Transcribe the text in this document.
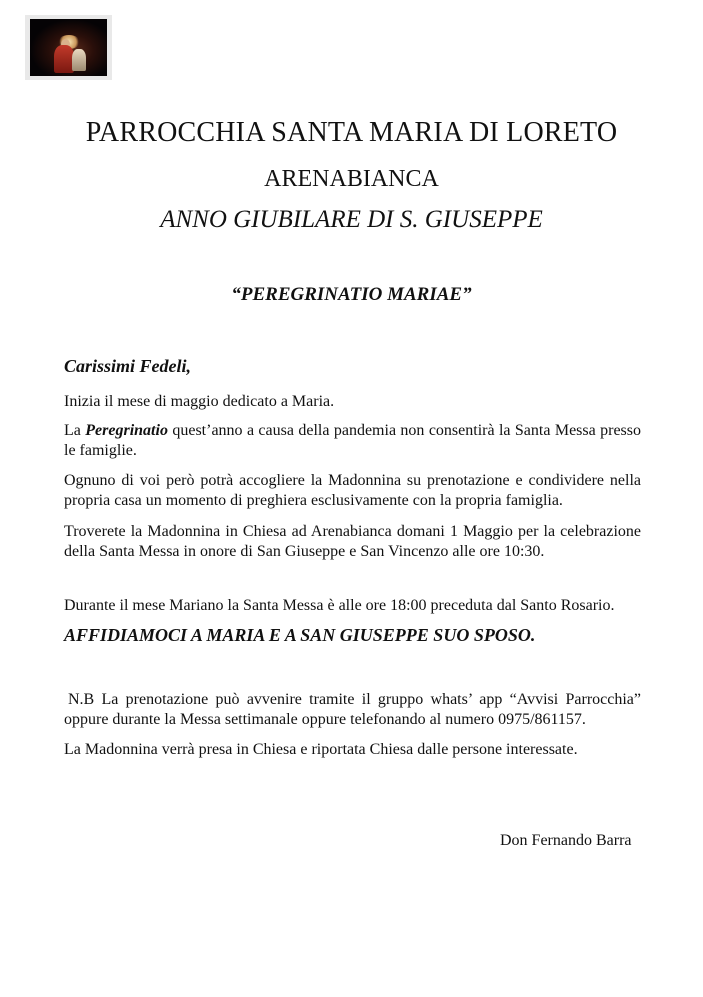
PARROCCHIA SANTA MARIA DI LORETO
ARENABIANCA
ANNO GIUBILARE DI S. GIUSEPPE
“PEREGRINATIO MARIAE”
Carissimi Fedeli,
Inizia il mese di maggio dedicato a Maria.
La Peregrinatio quest’anno a causa della pandemia non consentirà la Santa Messa presso le famiglie.
Ognuno di voi però potrà accogliere la Madonnina su prenotazione e condividere nella propria casa un momento di preghiera esclusivamente con la propria famiglia.
Troverete la Madonnina in Chiesa ad Arenabianca domani 1 Maggio per la celebrazione della Santa Messa in onore di San Giuseppe e San Vincenzo alle ore 10:30.
Durante il mese Mariano la Santa Messa è alle ore 18:00 preceduta dal Santo Rosario.
AFFIDIAMOCI A MARIA E A SAN GIUSEPPE SUO SPOSO.
N.B La prenotazione può avvenire tramite il gruppo whats’ app “Avvisi Parrocchia” oppure durante la Messa settimanale oppure telefonando al numero 0975/861157.
La Madonnina verrà presa in Chiesa e riportata Chiesa dalle persone interessate.
Don Fernando Barra
